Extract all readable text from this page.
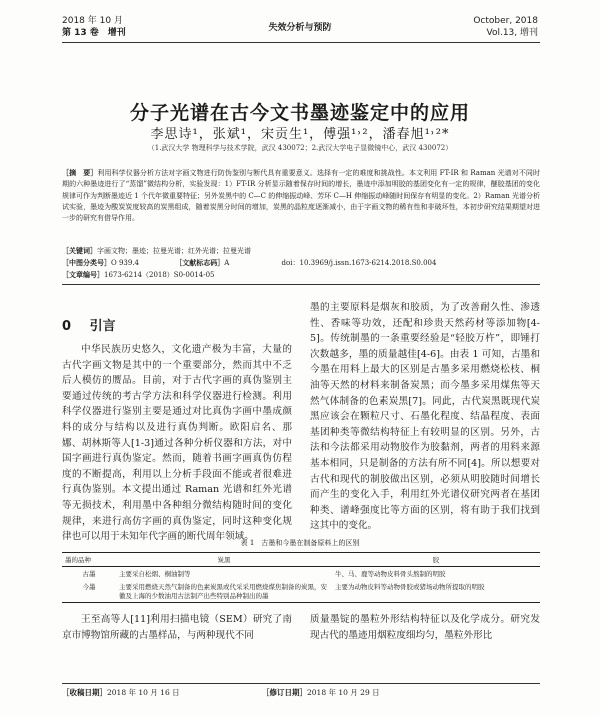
2018 年 10 月
第 13 卷　增刊	失效分析与预防
October, 2018
Vol.13, 增刊
分子光谱在古今文书墨迹鉴定中的应用
李思诗¹，张斌¹，宋贡生¹，傅强¹˒²，潘春旭¹˒²*
（1.武汉大学 物理科学与技术学院，武汉 430072；2.武汉大学电子显微镜中心，武汉 430072）
［摘　要］利用科学仪器分析方法对字画文物进行防伪鉴别与断代具有重要意义。选择有一定的难度和挑战性。本文利用 FT-IR 和 Raman 光谱对不同时期的六种墨迹进行了“蒸馏”微结构分析，实验发现：1）FT-IR 分析显示随着保存时间的增长，墨迹中添加明胶的基团变化有一定的规律，醚胶基团的变化规律可作为判断墨迹近 1 个代年微重要特征；另外炭黑中的 C—C 的伸缩振动峰、芳环 C—H 伸缩振动峰随时间保存有明显的变化。2）Raman 光谱分析试实验，墨迹为酸炭炭度较高的炭黑组成，随着炭黑分时间的增加，炭黑的晶粒度逐渐减小，由于字画文物的稀有性和非破坏性，本初步研究结果期望对进一步的研究有借导作用。
［关键词］字画文物；墨迹；拉曼光谱；红外光谱；拉曼光谱
［中图分类号］O 939.4	［文献标志码］A	doi：10.3969/j.issn.1673-6214.2018.S0.004
［文章编号］1673-6214（2018）S0-0014-05
0 引言
中华民族历史悠久，文化遗产极为丰富，大量的古代字画文物是其中的一个重要部分，然而其中不乏后人模仿的赝品。目前，对于古代字画的真伪鉴别主要通过传统的考古学方法和科学仪器进行检测。利用科学仪器进行鉴别主要是通过对比真伪字画中墨成颜料的成分与结构以及进行真伪判断。欧阳启名、那娜、胡林斯等人[1-3]通过各种分析仪器和方法，对中国字画进行真伪鉴定。然而，随着书画字画真伪仿程度的不断提高，利用以上分析手段面不能或者很难进行真伪鉴别。本文提出通过 Raman 光谱和红外光谱等无损技术，利用墨中各种组分微结构随时间的变化规律，来进行高仿字画的真伪鉴定，同时这种变化规律也可以用于未知年代字画的断代周年领域。
墨的主要原料是烟灰和胶质，为了改善耐久性、渗透性、香味等功效，还配和珍贵天然药材等添加物[4-5]。传统制墨的一条重要经验是“轻胶万杵”，即锤打次数越多，墨的质量越佳[4-6]。由表 1 可知，古墨和今墨在用料上最大的区别是古墨多采用燃烧松枝、桐油等天然的材料来制备炭黑；而今墨多采用煤焦等天然气体制备的色素炭黑[7]。同此，古代炭黑既现代炭黑应该会在颗粒尺寸、石墨化程度、结晶程度、表面基团种类等微结构特征上有较明显的区别。另外，古法和今法都采用动物胶作为胶黏剂，两者的用料来源基本相同，只是制备的方法有所不同[4]。所以想要对古代和现代的制胶做出区别，必须从明胶随时间增长而产生的变化入手，利用红外光谱仪研究两者在基团种类、谱峰强度比等方面的区别，将有助于我们找到这其中的变化。
表 1　古墨和今墨在制备原料上的区别
墨的品种	炭黑	胶
古墨	主要采自松烟、桐油制等	牛、马、鹿等动物皮料骨头熬制的明胶
今墨	主要采用燃烧天然气制备的色素炭黑或代采采用燃烧煤焦制备的炭黑，安徽及上海的少数油用古法制产出些特别品种制出的墨	主要为动物皮料等动物骨胶或猪场动物所提取的明胶
王至高等人[11]利用扫描电镜（SEM）研究了南京市博物馆所藏的古墨样品，与两种现代不同
质量墨锭的墨粒外形结构特征以及化学成分。研究发现古代的墨迹用烟粒度细均匀，墨粒外形比
［收稿日期］2018 年 10 月 16 日	［修订日期］2018 年 10 月 29 日
